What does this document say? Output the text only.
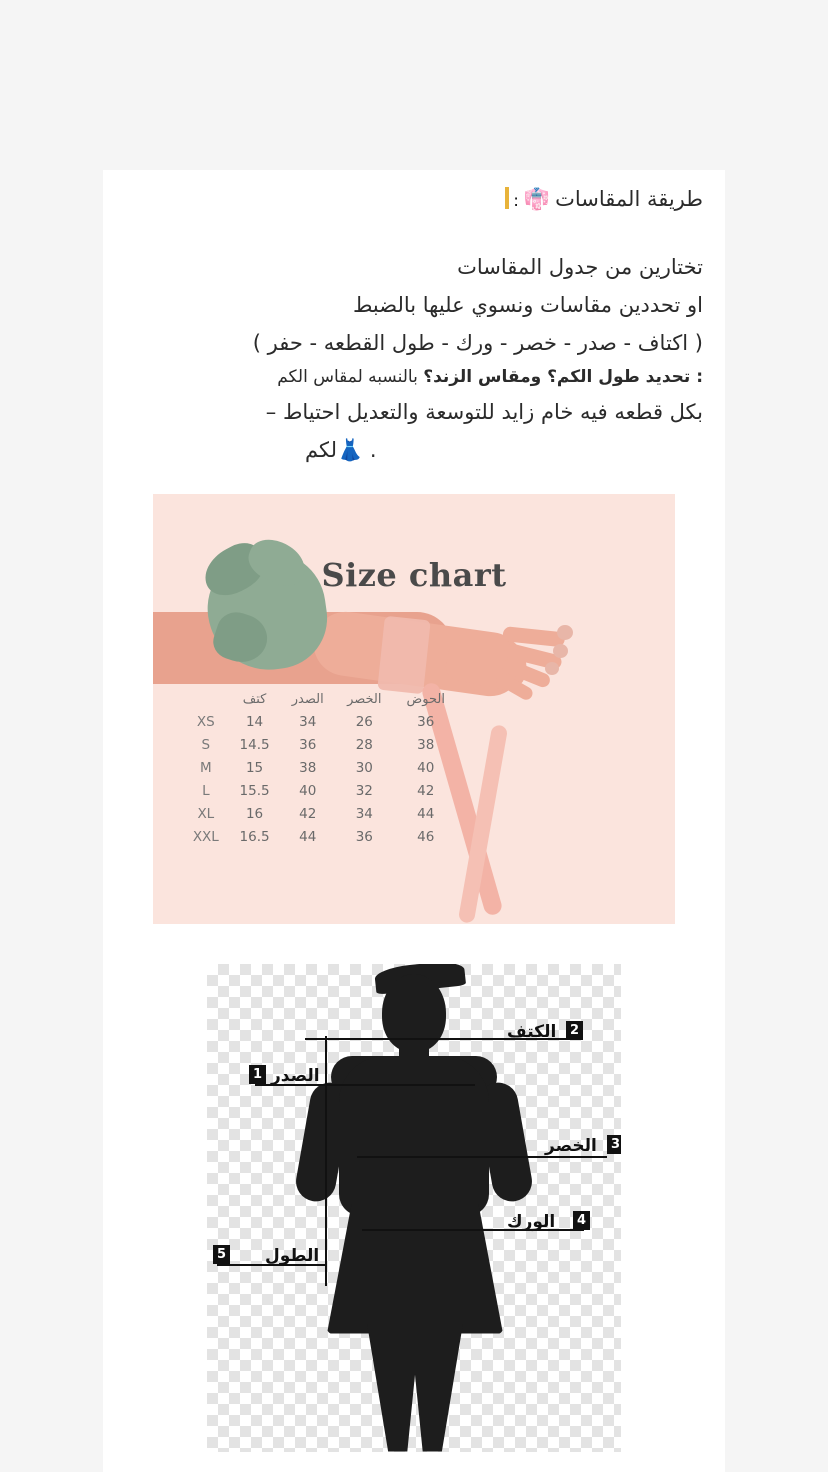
طريقة المقاسات 👘 :

تختارين من جدول المقاسات

او تحددين مقاسات ونسوي عليها بالضبط

( اكتاف - صدر - خصر - ورك - طول القطعه - حفر )

: تحديد طول الكم؟ ومقاس الزند؟ بالنسبه لمقاس الكم

بكل قطعه فيه خام زايد للتوسعة والتعديل احتياط –

. 👗لكم

Size chart
	كتف	الصدر	الخصر	الحوض
XS	14	34	26	36
S	14.5	36	28	38
M	15	38	30	40
L	15.5	40	32	42
XL	16	42	34	44
XXL	16.5	44	36	46
الكتف	2
الصدر
1
الخصر	3
الورك	4
الطول
5
